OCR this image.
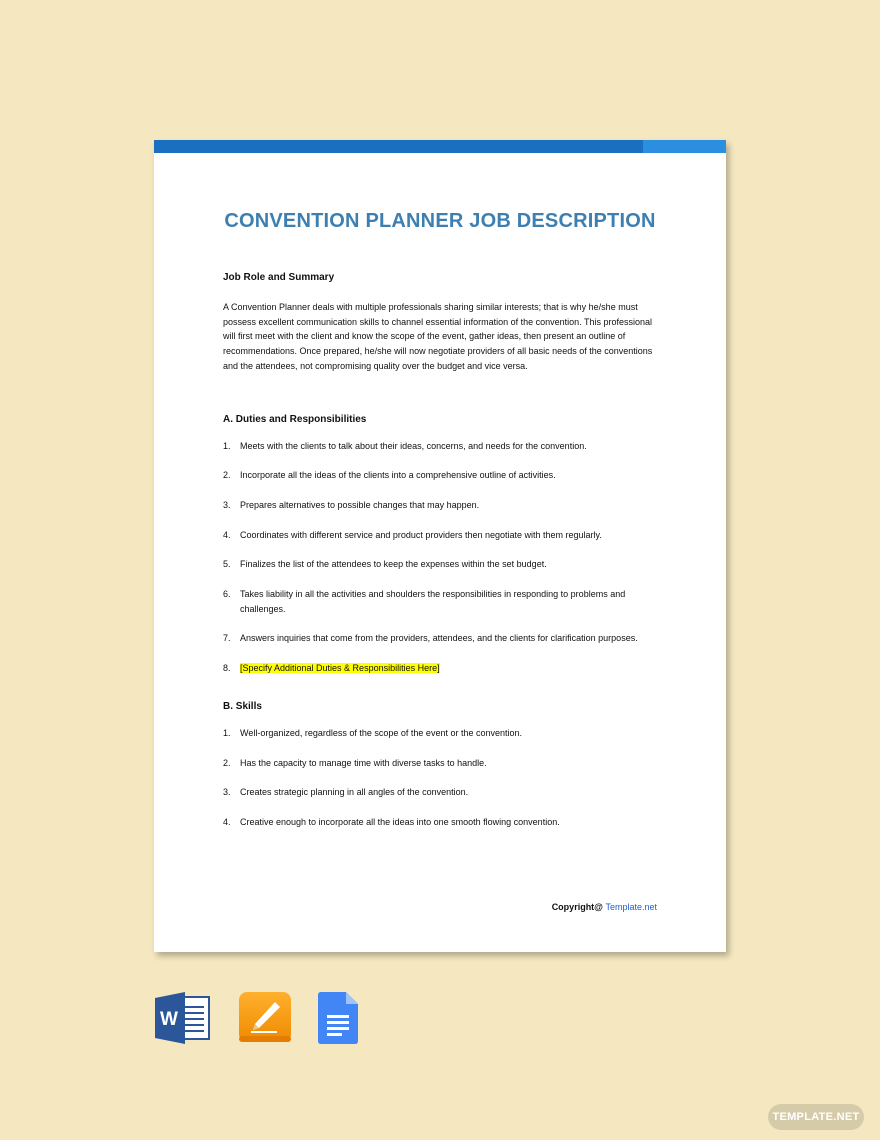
CONVENTION PLANNER JOB DESCRIPTION

Job Role and Summary

A Convention Planner deals with multiple professionals sharing similar interests; that is why he/she must possess excellent communication skills to channel essential information of the convention. This professional will first meet with the client and know the scope of the event, gather ideas, then present an outline of recommendations. Once prepared, he/she will now negotiate providers of all basic needs of the conventions and the attendees, not compromising quality over the budget and vice versa.

A. Duties and Responsibilities

1.	Meets with the clients to talk about their ideas, concerns, and needs for the convention.
2.	Incorporate all the ideas of the clients into a comprehensive outline of activities.
3.	Prepares alternatives to possible changes that may happen.
4.	Coordinates with different service and product providers then negotiate with them regularly.
5.	Finalizes the list of the attendees to keep the expenses within the set budget.
6.	Takes liability in all the activities and shoulders the responsibilities in responding to problems and challenges.
7.	Answers inquiries that come from the providers, attendees, and the clients for clarification purposes.
8.	[Specify Additional Duties & Responsibilities Here]

B. Skills

1.	Well-organized, regardless of the scope of the event or the convention.
2.	Has the capacity to manage time with diverse tasks to handle.
3.	Creates strategic planning in all angles of the convention.
4.	Creative enough to incorporate all the ideas into one smooth flowing convention.
Copyright@ Template.net
W
TEMPLATE.NET
